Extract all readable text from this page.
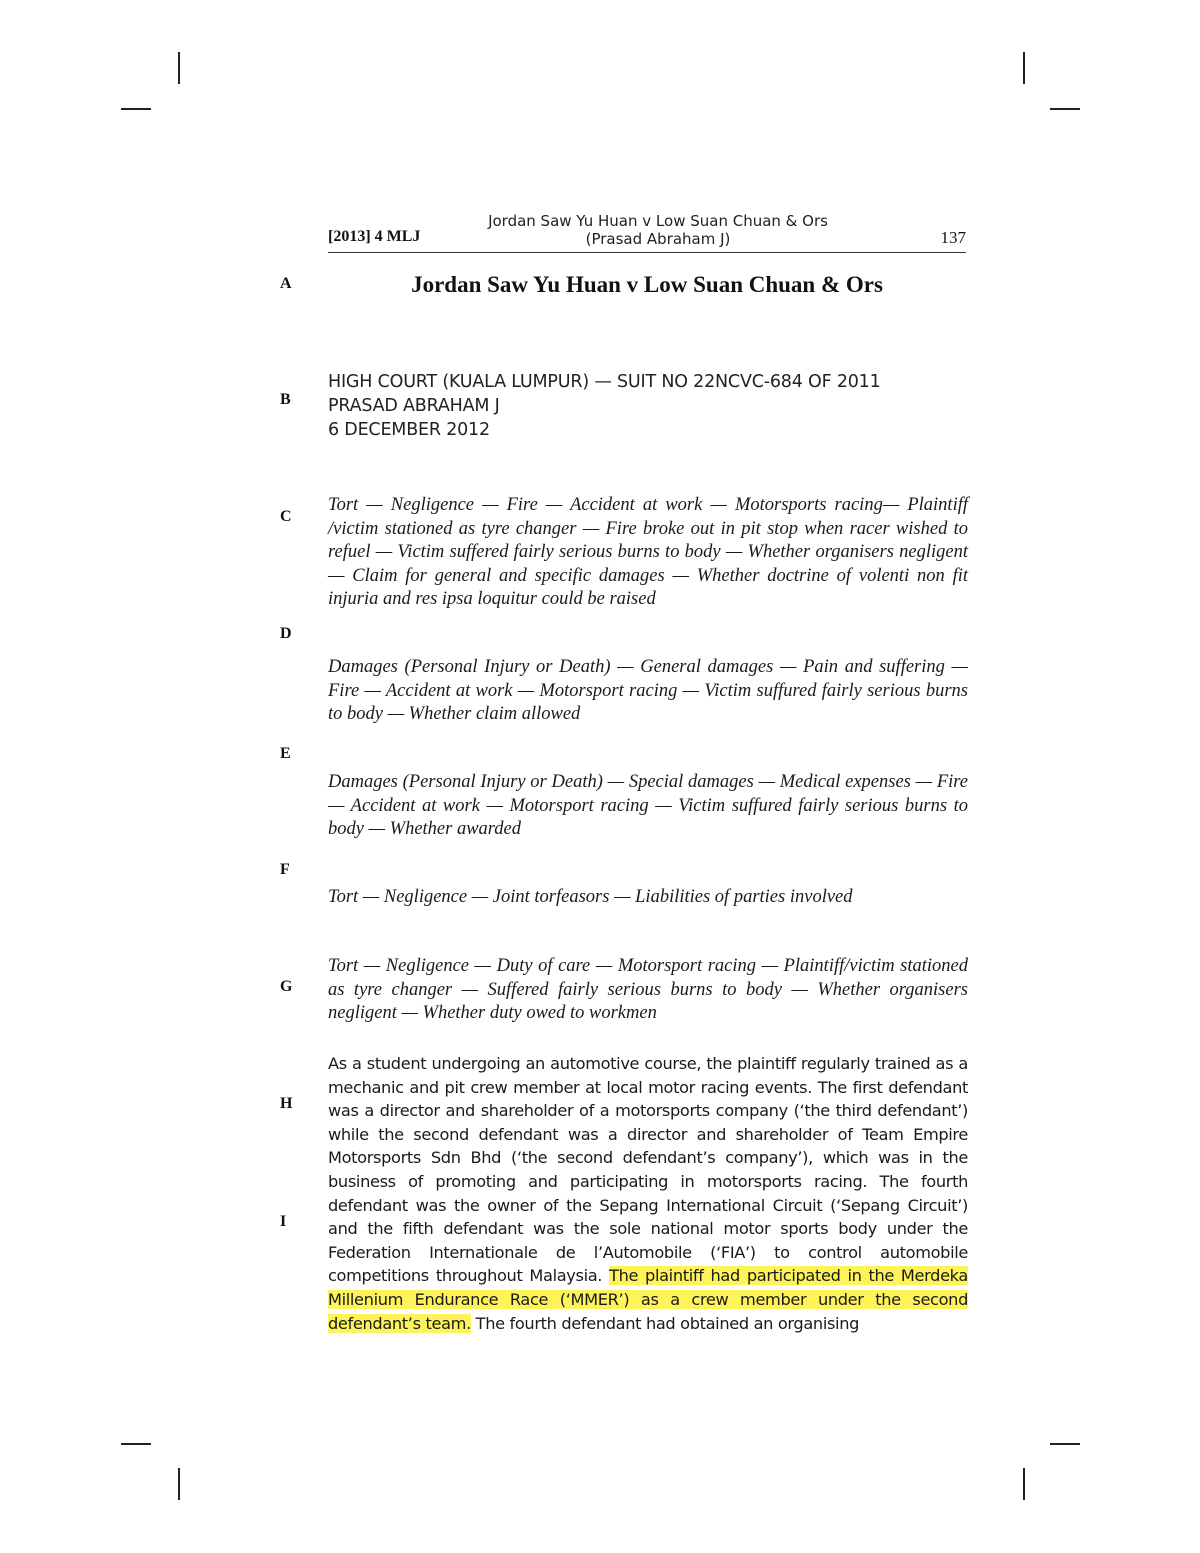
[2013] 4 MLJ
Jordan Saw Yu Huan v Low Suan Chuan & Ors (Prasad Abraham J)	137
A
B
C
D
E
F
G
H
I
Jordan Saw Yu Huan v Low Suan Chuan & Ors
HIGH COURT (KUALA LUMPUR) — SUIT NO 22NCVC-684 OF 2011
PRASAD ABRAHAM J
6 DECEMBER 2012
Tort — Negligence — Fire — Accident at work — Motorsports racing— Plaintiff /victim stationed as tyre changer — Fire broke out in pit stop when racer wished to refuel — Victim suffered fairly serious burns to body — Whether organisers negligent — Claim for general and specific damages — Whether doctrine of volenti non fit injuria and res ipsa loquitur could be raised
Damages (Personal Injury or Death) — General damages — Pain and suffering — Fire — Accident at work — Motorsport racing — Victim suffured fairly serious burns to body — Whether claim allowed
Damages (Personal Injury or Death) — Special damages — Medical expenses — Fire — Accident at work — Motorsport racing — Victim suffured fairly serious burns to body — Whether awarded
Tort — Negligence — Joint torfeasors — Liabilities of parties involved
Tort — Negligence — Duty of care — Motorsport racing — Plaintiff/victim stationed as tyre changer — Suffered fairly serious burns to body — Whether organisers negligent — Whether duty owed to workmen
As a student undergoing an automotive course, the plaintiff regularly trained as a mechanic and pit crew member at local motor racing events. The first defendant was a director and shareholder of a motorsports company (‘the third defendant’) while the second defendant was a director and shareholder of Team Empire Motorsports Sdn Bhd (‘the second defendant’s company’), which was in the business of promoting and participating in motorsports racing. The fourth defendant was the owner of the Sepang International Circuit (‘Sepang Circuit’) and the fifth defendant was the sole national motor sports body under the Federation Internationale de l’Automobile (‘FIA’) to control automobile competitions throughout Malaysia. The plaintiff had participated in the Merdeka Millenium Endurance Race (‘MMER’) as a crew member under the second defendant’s team. The fourth defendant had obtained an organising
